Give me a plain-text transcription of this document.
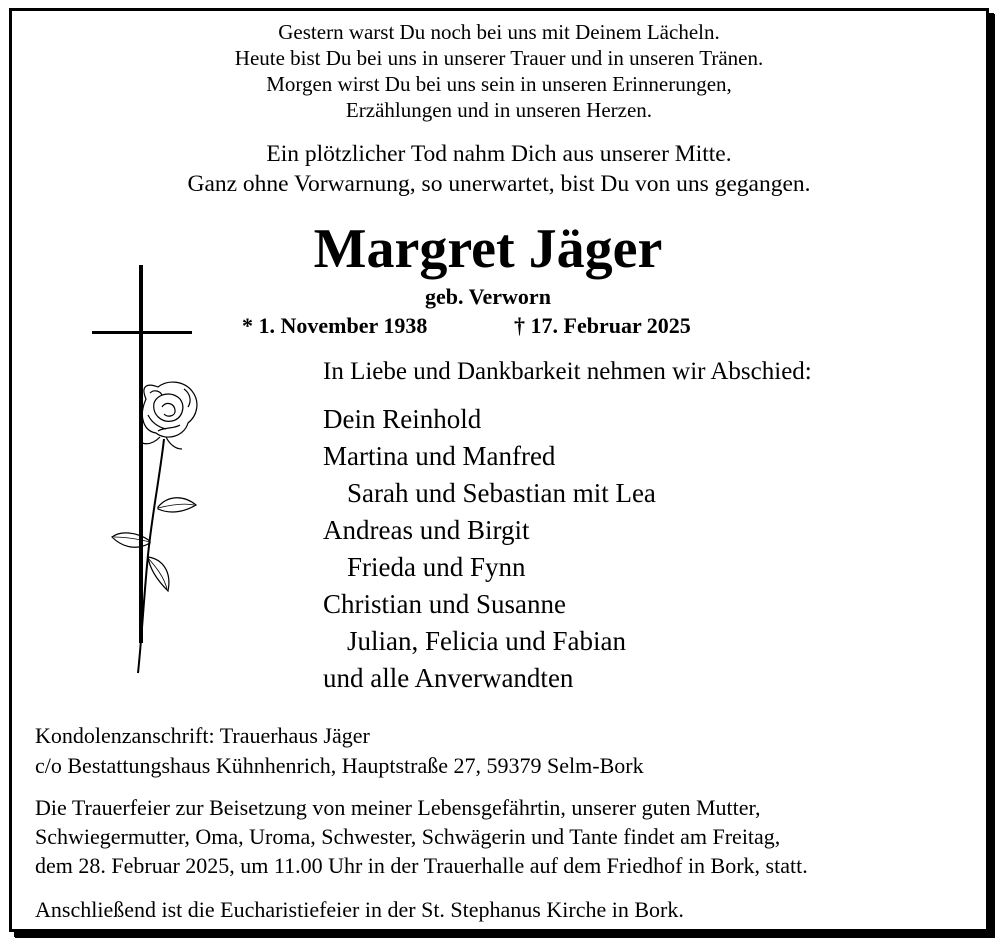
Gestern warst Du noch bei uns mit Deinem Lächeln.
Heute bist Du bei uns in unserer Trauer und in unseren Tränen.
Morgen wirst Du bei uns sein in unseren Erinnerungen,
Erzählungen und in unseren Herzen.
Ein plötzlicher Tod nahm Dich aus unserer Mitte.
Ganz ohne Vorwarnung, so unerwartet, bist Du von uns gegangen.
Margret Jäger
geb. Verworn
* 1. November 1938	† 17. Februar 2025
In Liebe und Dankbarkeit nehmen wir Abschied:
Dein Reinhold
Martina und Manfred
Sarah und Sebastian mit Lea
Andreas und Birgit
Frieda und Fynn
Christian und Susanne
Julian, Felicia und Fabian
und alle Anverwandten
Kondolenzanschrift: Trauerhaus Jäger
c/o Bestattungshaus Kühnhenrich, Hauptstraße 27, 59379 Selm-Bork
Die Trauerfeier zur Beisetzung von meiner Lebensgefährtin, unserer guten Mutter,
Schwiegermutter, Oma, Uroma, Schwester, Schwägerin und Tante findet am Freitag,
dem 28. Februar 2025, um 11.00 Uhr in der Trauerhalle auf dem Friedhof in Bork, statt.
Anschließend ist die Eucharistiefeier in der St. Stephanus Kirche in Bork.
